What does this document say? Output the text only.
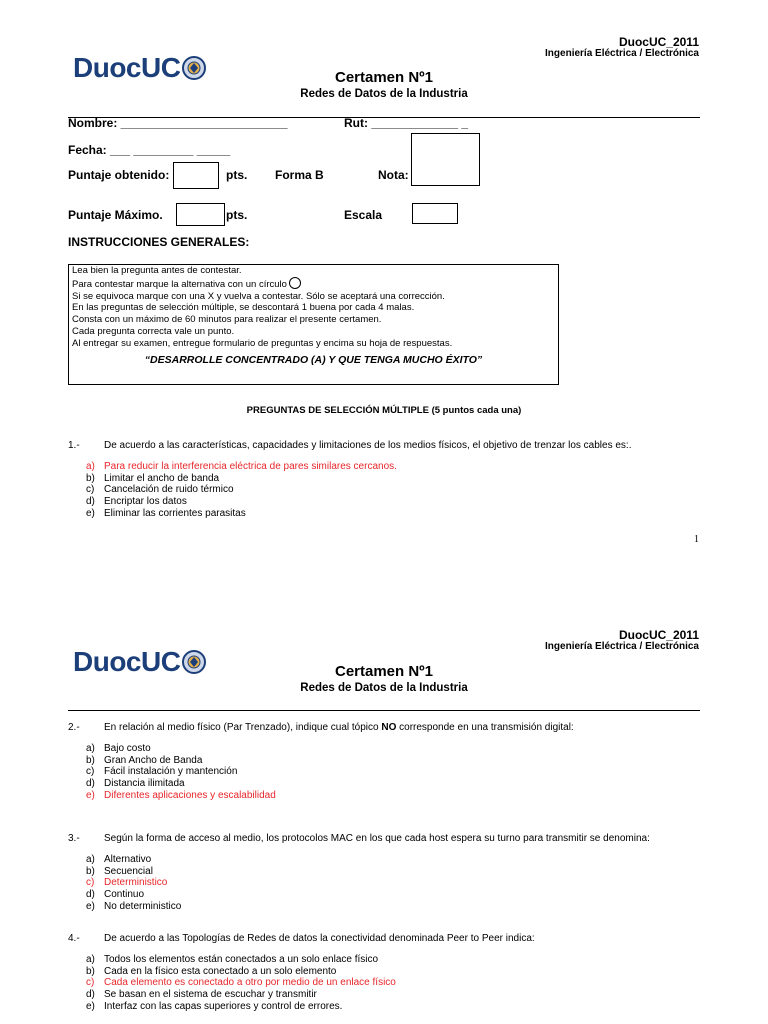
DuocUC_2011
Ingeniería Eléctrica / Electrónica
DuocUC	Certamen Nº1
Redes de Datos de la Industria
Nombre: _________________________	Rut: _____________ _
Fecha: ___ _________ _____
Puntaje obtenido:	pts. Forma B	Nota:
Puntaje Máximo.	pts.	Escala
INSTRUCCIONES GENERALES:
Lea bien la pregunta antes de contestar.
Para contestar marque la alternativa con un círculo
Si se equivoca marque con una X y vuelva a contestar. Sólo se aceptará una corrección.
En las preguntas de selección múltiple, se descontará 1 buena por cada 4 malas.
Consta con un máximo de 60 minutos para realizar el presente certamen.
Cada pregunta correcta vale un punto.
Al entregar su examen, entregue formulario de preguntas y encima su hoja de respuestas.
“DESARROLLE CONCENTRADO (A) Y QUE TENGA MUCHO ÉXITO”
PREGUNTAS DE SELECCIÓN MÚLTIPLE (5 puntos cada una)
1.- De acuerdo a las características, capacidades y limitaciones de los medios físicos, el objetivo de trenzar los cables es:.
a) Para reducir la interferencia eléctrica de pares similares cercanos.
b) Limitar el ancho de banda
c) Cancelación de ruido térmico
d) Encriptar los datos
e) Eliminar las corrientes parasitas
1
DuocUC_2011
Ingeniería Eléctrica / Electrónica
DuocUC	Certamen Nº1
Redes de Datos de la Industria
2.- En relación al medio físico (Par Trenzado), indique cual tópico NO corresponde en una transmisión digital:
a) Bajo costo
b) Gran Ancho de Banda
c) Fácil instalación y mantención
d) Distancia ilimitada
e) Diferentes aplicaciones y escalabilidad
3.- Según la forma de acceso al medio, los protocolos MAC en los que cada host espera su turno para transmitir se denomina:
a) Alternativo
b) Secuencial
c) Deterministico
d) Continuo
e) No deterministico
4.- De acuerdo a las Topologías de Redes de datos la conectividad denominada Peer to Peer indica:
a) Todos los elementos están conectados a un solo enlace físico
b) Cada en la físico esta conectado a un solo elemento
c) Cada elemento es conectado a otro por medio de un enlace físico
d) Se basan en el sistema de escuchar y transmitir
e) Interfaz con las capas superiores y control de errores.
